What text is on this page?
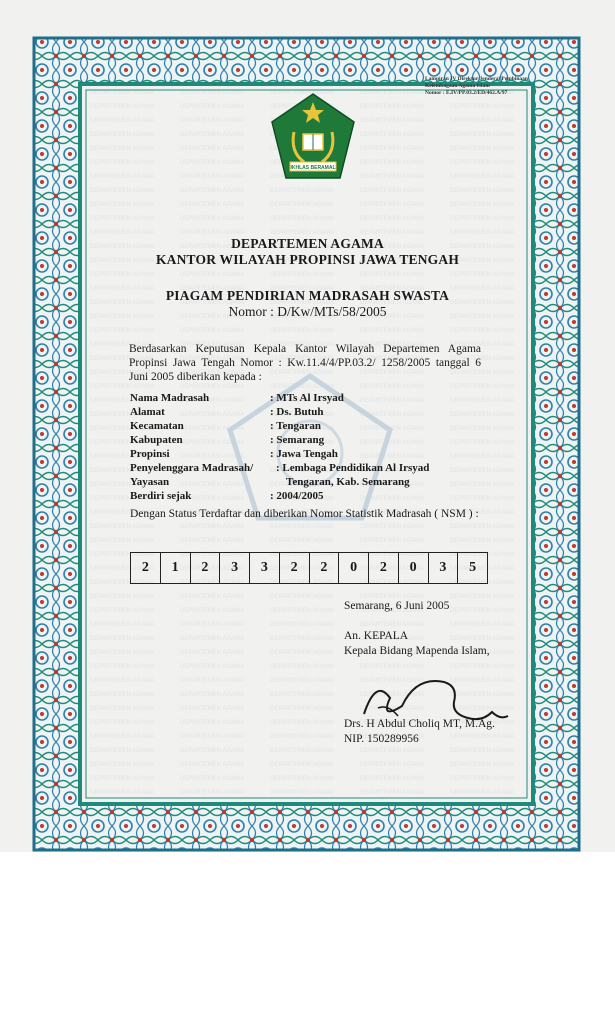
Lampiran IV Direktur Jenderal Pembinaan
Kelembagaan Agama Islam
Nomor : E.IV/PP.03.2/ED/462.A/97
IKHLAS BERAMAL
DEPARTEMEN AGAMA
KANTOR WILAYAH PROPINSI JAWA TENGAH
PIAGAM PENDIRIAN MADRASAH SWASTA
Nomor : D/Kw/MTs/58/2005
Berdasarkan Keputusan Kepala Kantor Wilayah Departemen Agama Propinsi Jawa Tengah Nomor : Kw.11.4/4/PP.03.2/ 1258/2005 tanggal 6 Juni 2005 diberikan kepada :
Nama Madrasah	: MTs Al Irsyad
Alamat	: Ds. Butuh
Kecamatan	: Tengaran
Kabupaten	: Semarang
Propinsi	: Jawa Tengah
Penyelenggara Madrasah/ : Lembaga Pendidikan Al Irsyad
Yayasan	Tengaran, Kab. Semarang
Berdiri sejak	: 2004/2005
Dengan Status Terdaftar dan diberikan Nomor Statistik Madrasah ( NSM ) :
2	1	2	3	3	2	2	0	2	0	3	5
Semarang, 6 Juni 2005
An. KEPALA
Kepala Bidang Mapenda Islam,
Drs. H Abdul Choliq MT, M.Ag.
NIP. 150289956
